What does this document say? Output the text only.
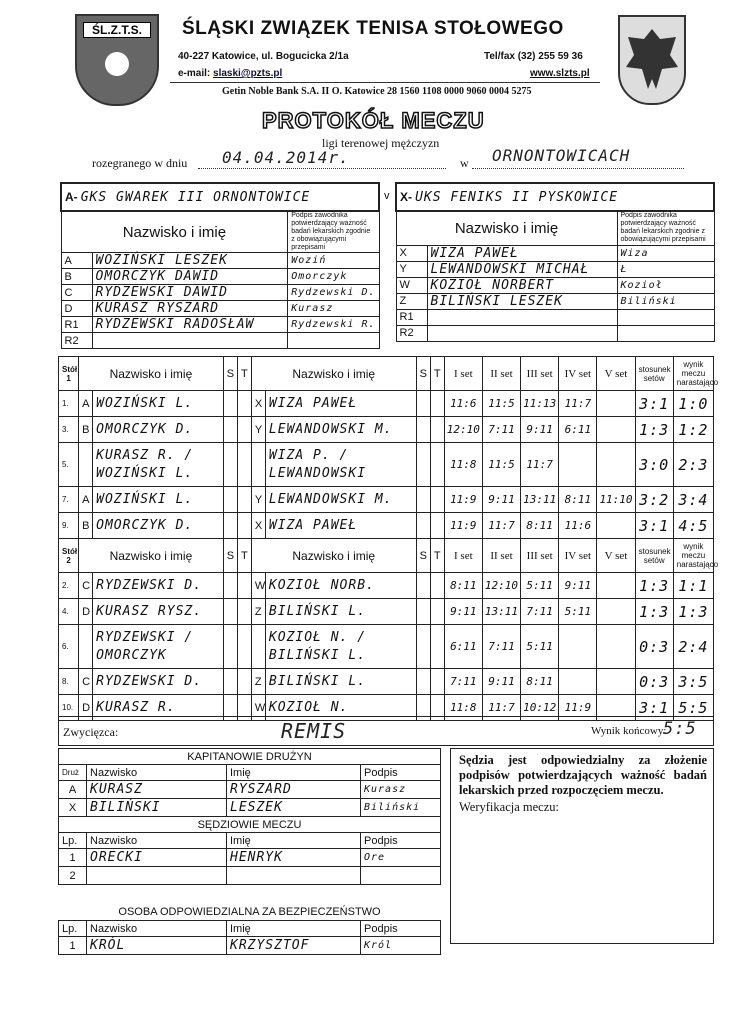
ŚL.Z.T.S.	ŚLĄSKI ZWIĄZEK TENISA STOŁOWEGO
40-227 Katowice, ul. Bogucicka 2/1a	Tel/fax (32) 255 59 36
e-mail: slaski@pzts.pl	www.slzts.pl
Getin Noble Bank S.A. II O. Katowice 28 1560 1108 0000 9060 0004 5275
PROTOKÓŁ MECZU
ligi terenowej mężczyzn
rozegranego w dniu 04.04.2014r.	w ORNONTOWICACH
A- GKS GWAREK III ORNONTOWICE		
Nazwisko i imię		Podpis zawodnika potwierdzający ważność badań lekarskich zgodnie z obowiązującymi przepisami
A	WOZIŃSKI LESZEK	Woziń
B	OMORCZYK DAWID	Omorczyk
C	RYDZEWSKI DAWID	Rydzewski D.
D	KURASZ RYSZARD	Kurasz
R1	RYDZEWSKI RADOSŁAW	Rydzewski R.
R2		
v X- UKS FENIKS II PYSKOWICE		
Nazwisko i imię		Podpis zawodnika potwierdzający ważność badań lekarskich zgodnie z obowiązującymi przepisami
X	WIZA PAWEŁ	Wiza
Y	LEWANDOWSKI MICHAŁ	Ł
W	KOZIOŁ NORBERT	Kozioł
Z	BILIŃSKI LESZEK	Biliński
R1		
R2		
Stół 1	Nazwisko i imię		S	T	Nazwisko i imię		S	T	I set	II set	III set	IV set	V set	stosunek setów	wynik meczu narastająco
1.	A	WOZIŃSKI L.			X	WIZA PAWEŁ			11:6	11:5	11:13	11:7		3:1	1:0
3.	B	OMORCZYK D.			Y	LEWANDOWSKI M.			12:10	7:11	9:11	6:11		1:3	1:2
5.		KURASZ R. / WOZIŃSKI L.				WIZA P. / LEWANDOWSKI			11:8	11:5	11:7			3:0	2:3
7.	A	WOZIŃSKI L.			Y	LEWANDOWSKI M.			11:9	9:11	13:11	8:11	11:10	3:2	3:4
9.	B	OMORCZYK D.			X	WIZA PAWEŁ			11:9	11:7	8:11	11:6		3:1	4:5
Stół 2	Nazwisko i imię		S	T	Nazwisko i imię		S	T	I set	II set	III set	IV set	V set	stosunek setów	wynik meczu narastająco
2.	C	RYDZEWSKI D.			W	KOZIOŁ NORB.			8:11	12:10	5:11	9:11		1:3	1:1
4.	D	KURASZ RYSZ.			Z	BILIŃSKI L.			9:11	13:11	7:11	5:11		1:3	1:3
6.		RYDZEWSKI / OMORCZYK				KOZIOŁ N. / BILIŃSKI L.			6:11	7:11	5:11			0:3	2:4
8.	C	RYDZEWSKI D.			Z	BILIŃSKI L.			7:11	9:11	8:11			0:3	3:5
10.	D	KURASZ R.			W	KOZIOŁ N.			11:8	11:7	10:12	11:9		3:1	5:5
Zwycięzca:	REMIS	Wynik końcowy:
5:5
KAPITANOWIE DRUŻYN			
Druż	Nazwisko	Imię	Podpis
A	KURASZ	RYSZARD	Kurasz
X	BILIŃSKI	LESZEK	Biliński
SĘDZIOWIE MECZU			
Lp.	Nazwisko	Imię	Podpis
1	ORECKI	HENRYK	Ore
2			

OSOBA ODPOWIEDZIALNA ZA BEZPIECZEŃSTWO			
Lp.	Nazwisko	Imię	Podpis
1	KRÓL	KRZYSZTOF	Król
Sędzia jest odpowiedzialny za złożenie podpisów potwierdzających ważność badań lekarskich przed rozpoczęciem meczu.
Weryfikacja meczu:
